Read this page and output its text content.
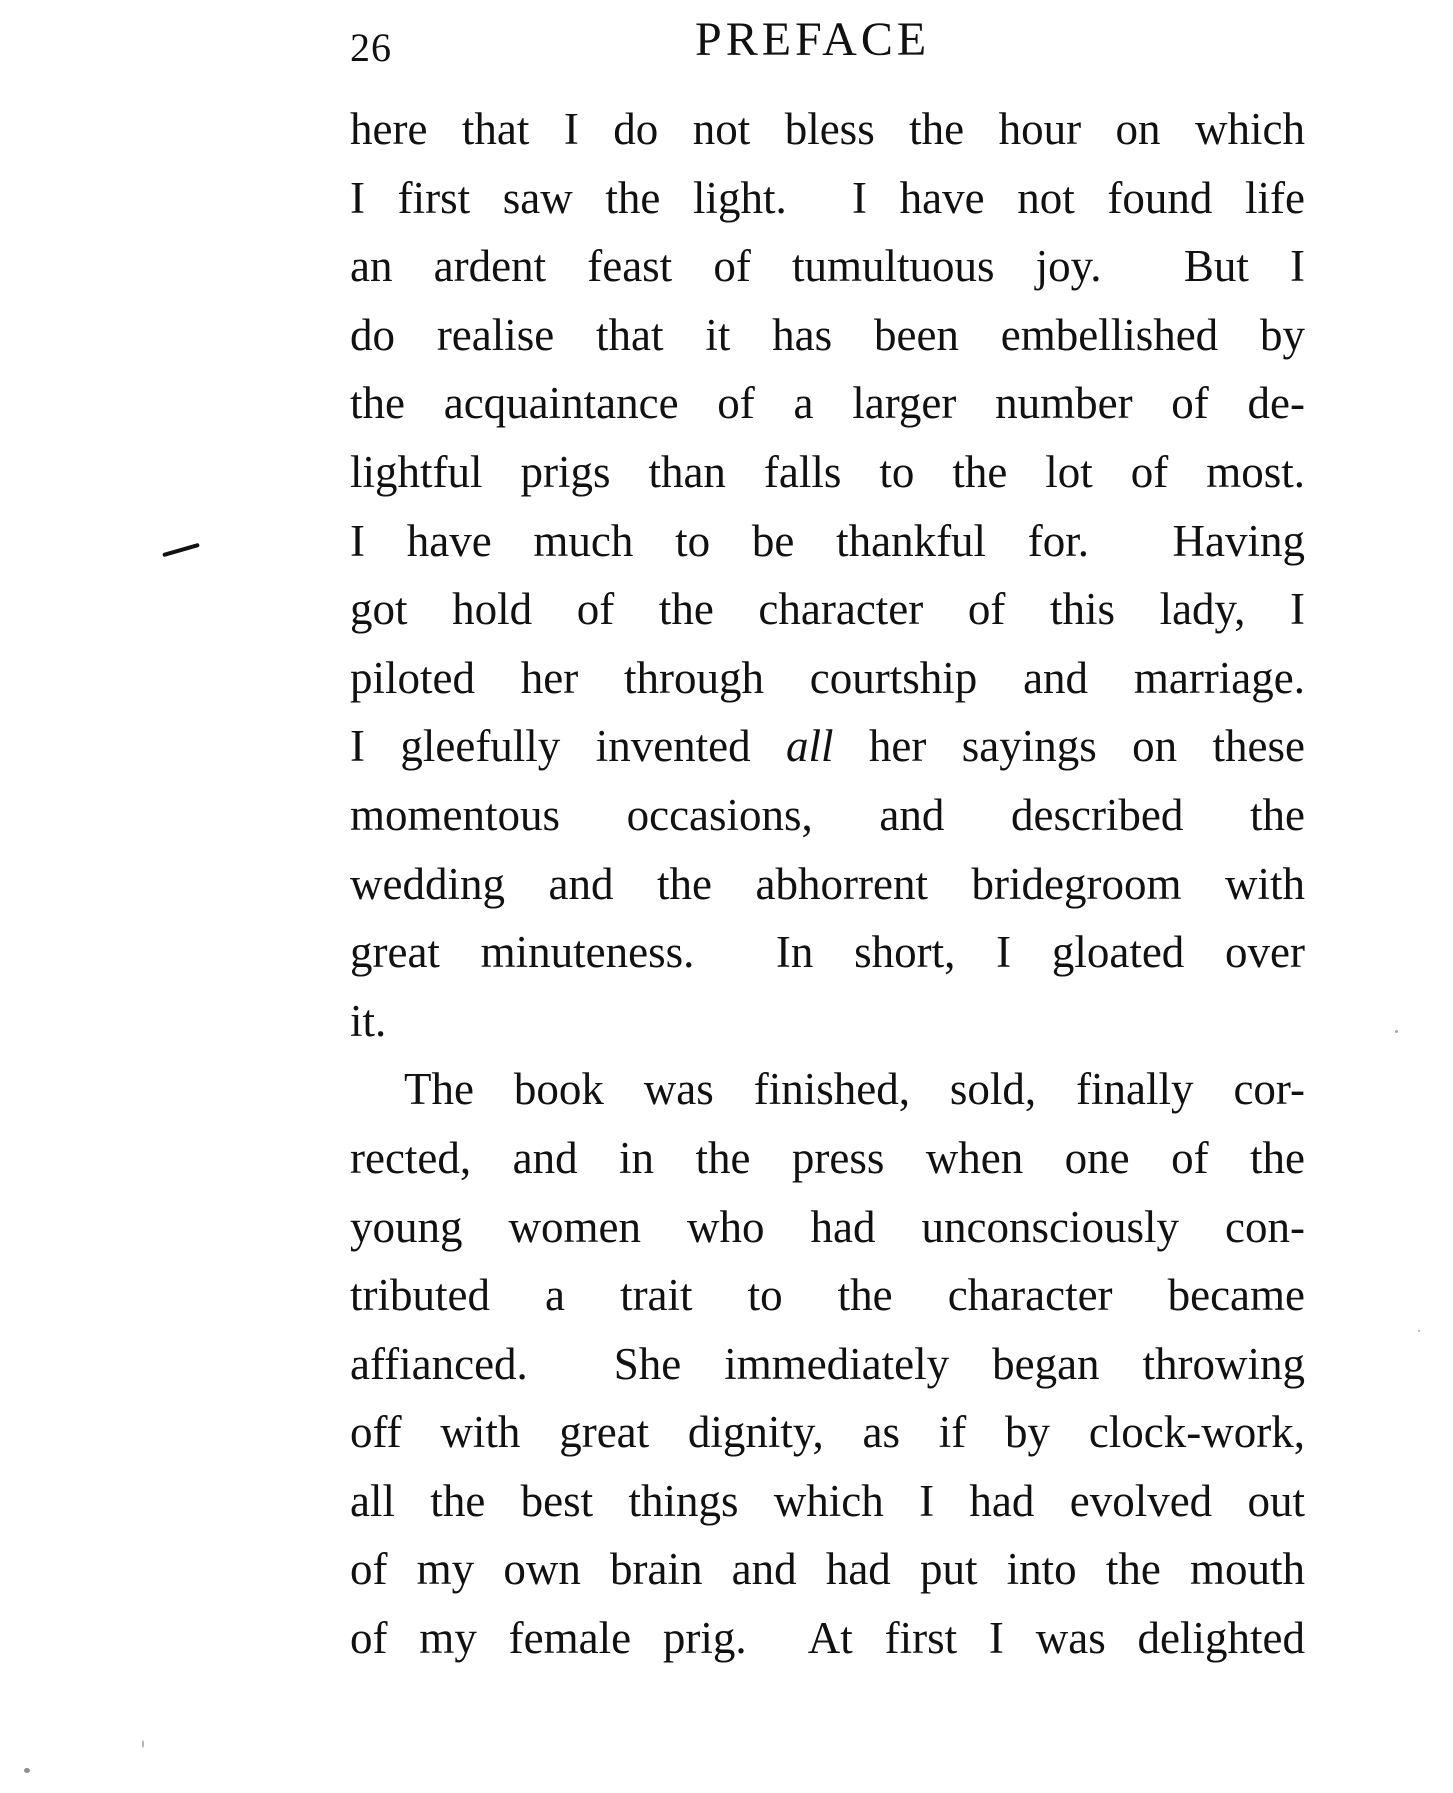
26	PREFACE
here that I do not bless the hour on which
I first saw the light.  I have not found life
an ardent feast of tumultuous joy.  But I
do realise that it has been embellished by
the acquaintance of a larger number of de-
lightful prigs than falls to the lot of most.
I have much to be thankful for.  Having
got hold of the character of this lady, I
piloted her through courtship and marriage.
I gleefully invented all her sayings on these
momentous occasions, and described the
wedding and the abhorrent bridegroom with
great minuteness.  In short, I gloated over
it.
The book was finished, sold, finally cor-
rected, and in the press when one of the
young women who had unconsciously con-
tributed a trait to the character became
affianced.  She immediately began throwing
off with great dignity, as if by clock-work,
all the best things which I had evolved out
of my own brain and had put into the mouth
of my female prig.  At first I was delighted
